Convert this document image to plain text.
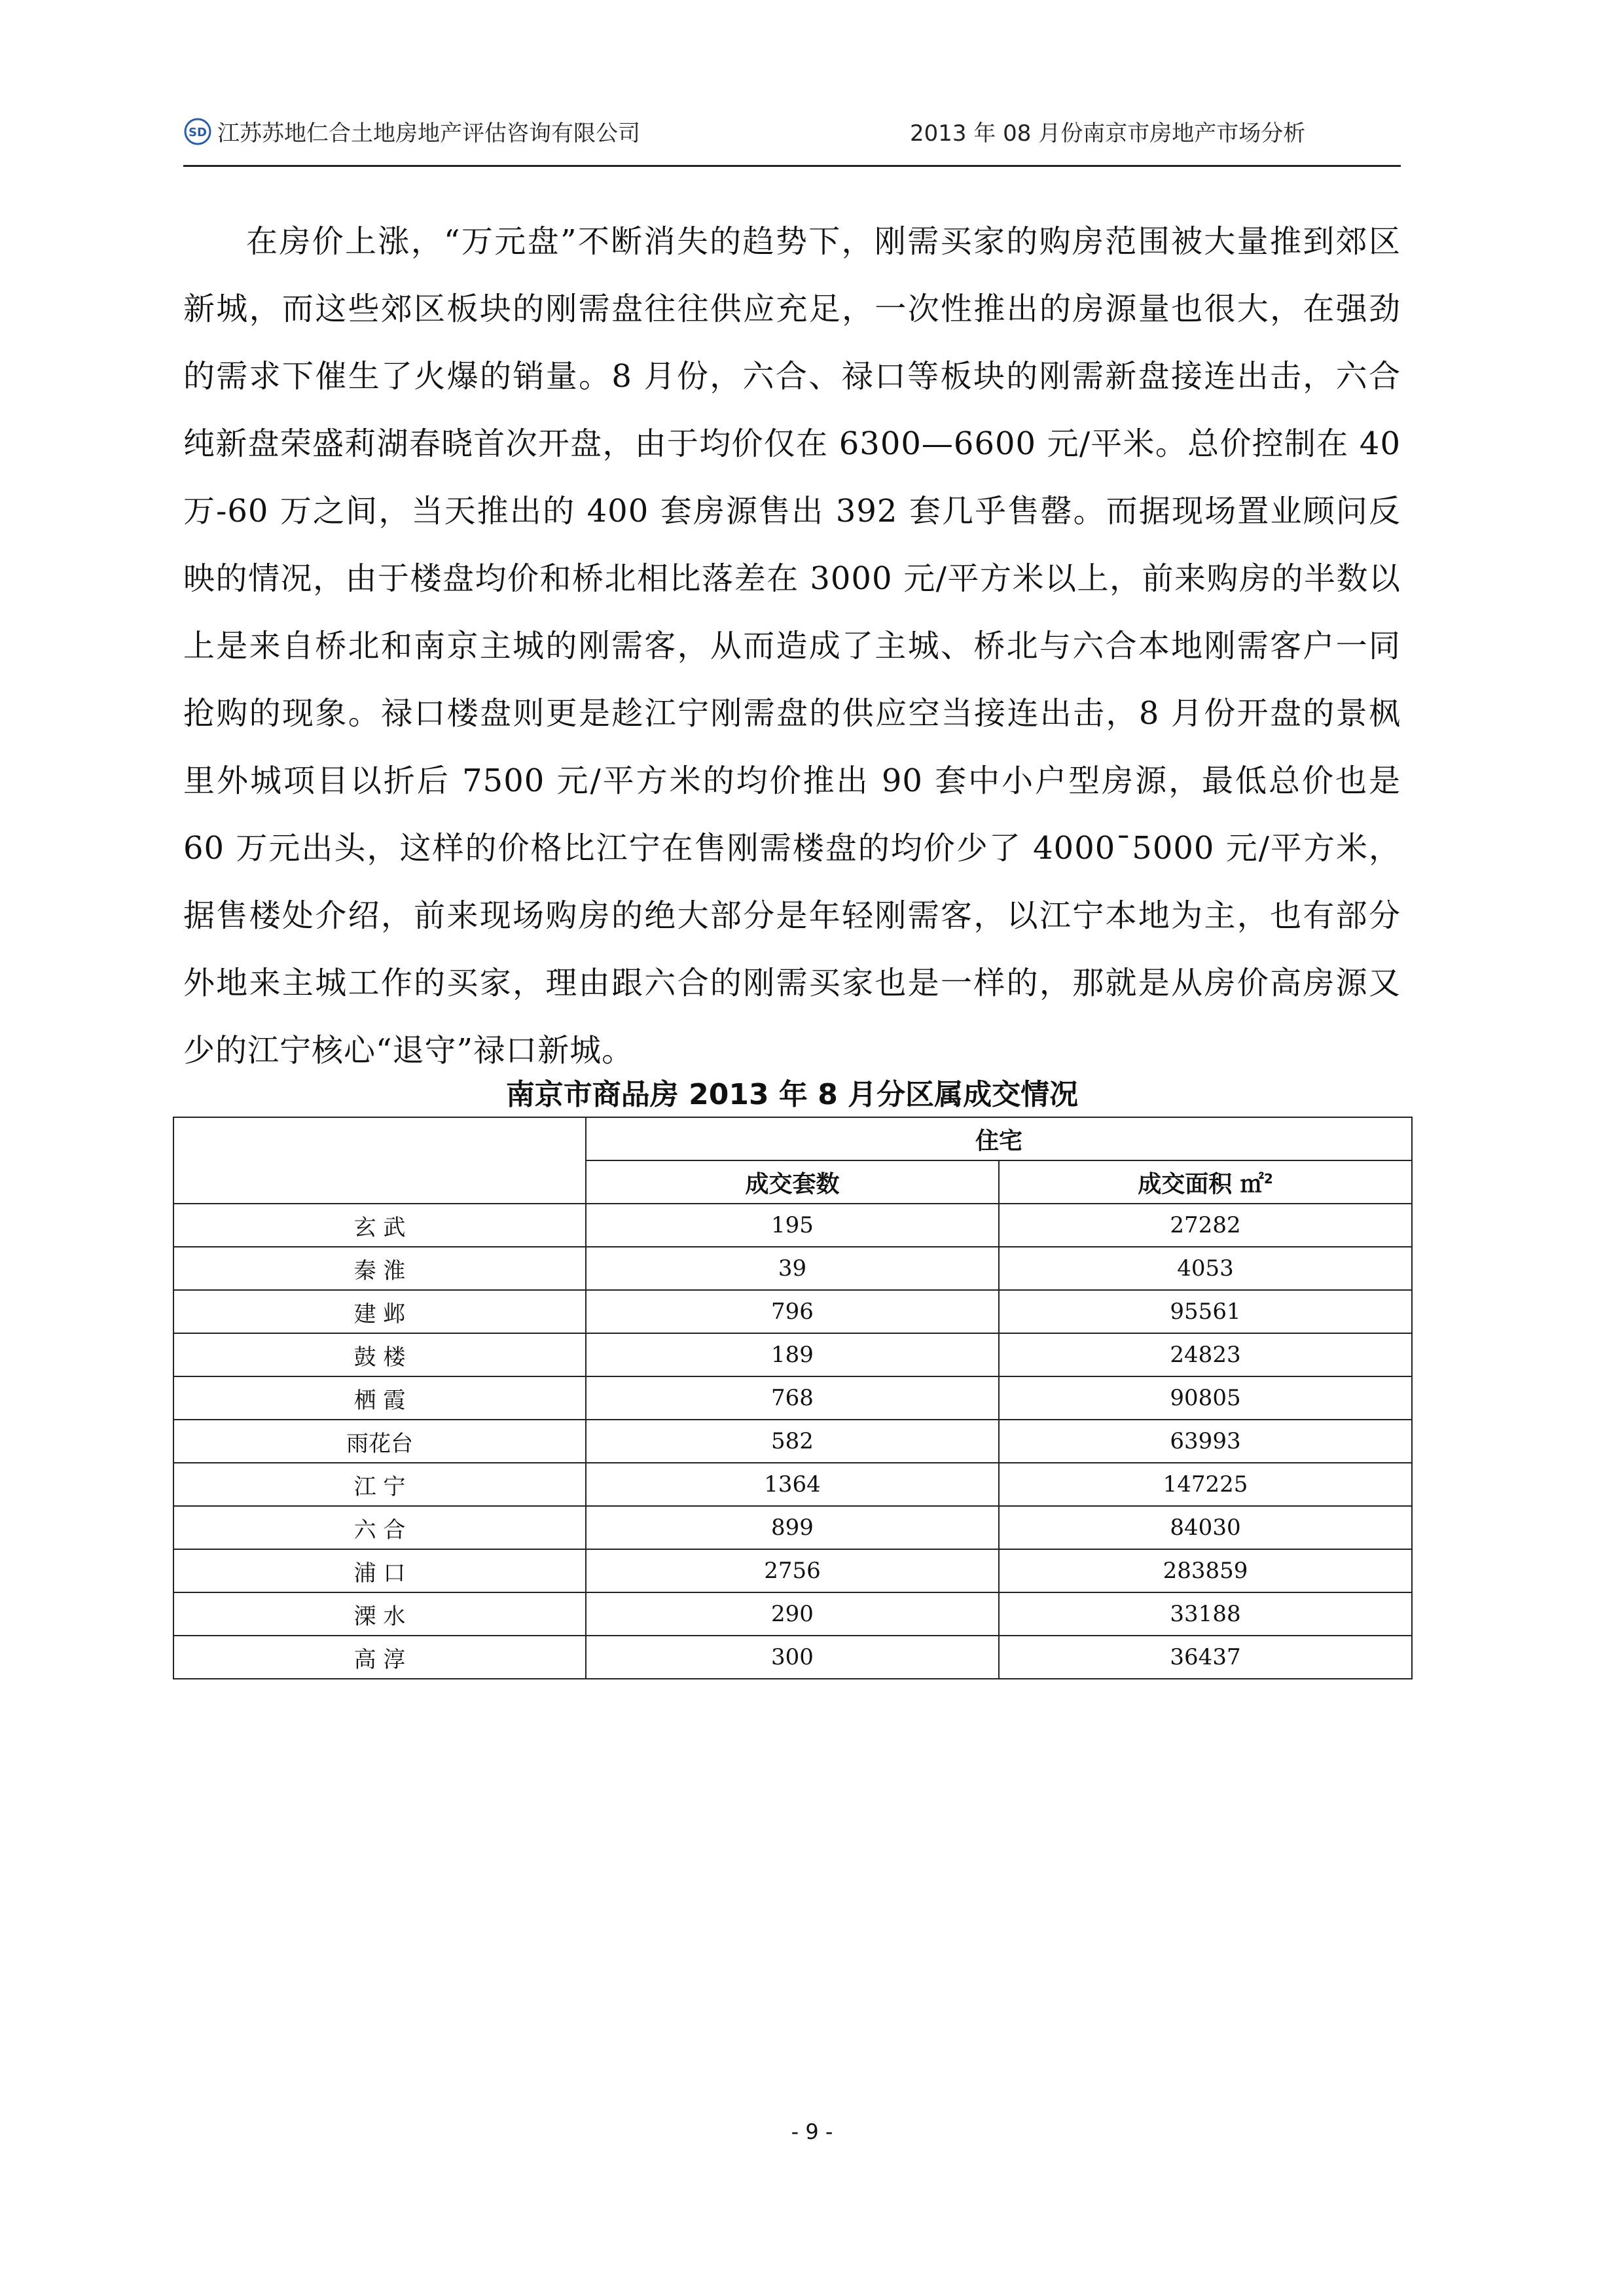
SD 江苏苏地仁合土地房地产评估咨询有限公司	2013 年 08 月份南京市房地产市场分析

在房价上涨，“万元盘”不断消失的趋势下，刚需买家的购房范围被大量推到郊区新城，而这些郊区板块的刚需盘往往供应充足，一次性推出的房源量也很大，在强劲的需求下催生了火爆的销量。8 月份，六合、禄口等板块的刚需新盘接连出击，六合纯新盘荣盛莉湖春晓首次开盘，由于均价仅在 6300—6600 元/平米。总价控制在 40 万-60 万之间，当天推出的 400 套房源售出 392 套几乎售罄。而据现场置业顾问反映的情况，由于楼盘均价和桥北相比落差在 3000 元/平方米以上，前来购房的半数以上是来自桥北和南京主城的刚需客，从而造成了主城、桥北与六合本地刚需客户一同抢购的现象。禄口楼盘则更是趁江宁刚需盘的供应空当接连出击，8 月份开盘的景枫里外城项目以折后 7500 元/平方米的均价推出 90 套中小户型房源，最低总价也是 60 万元出头，这样的价格比江宁在售刚需楼盘的均价少了 4000¯5000 元/平方米，据售楼处介绍，前来现场购房的绝大部分是年轻刚需客，以江宁本地为主，也有部分外地来主城工作的买家，理由跟六合的刚需买家也是一样的，那就是从房价高房源又少的江宁核心“退守”禄口新城。

南京市商品房 2013 年 8 月分区属成交情况
	住宅	
	成交套数	成交面积 ㎡$^2$
玄 武	195	27282
秦 淮	39	4053
建 邺	796	95561
鼓 楼	189	24823
栖 霞	768	90805
雨花台	582	63993
江 宁	1364	147225
六 合	899	84030
浦 口	2756	283859
溧 水	290	33188
高 淳	300	36437
- 9 -
